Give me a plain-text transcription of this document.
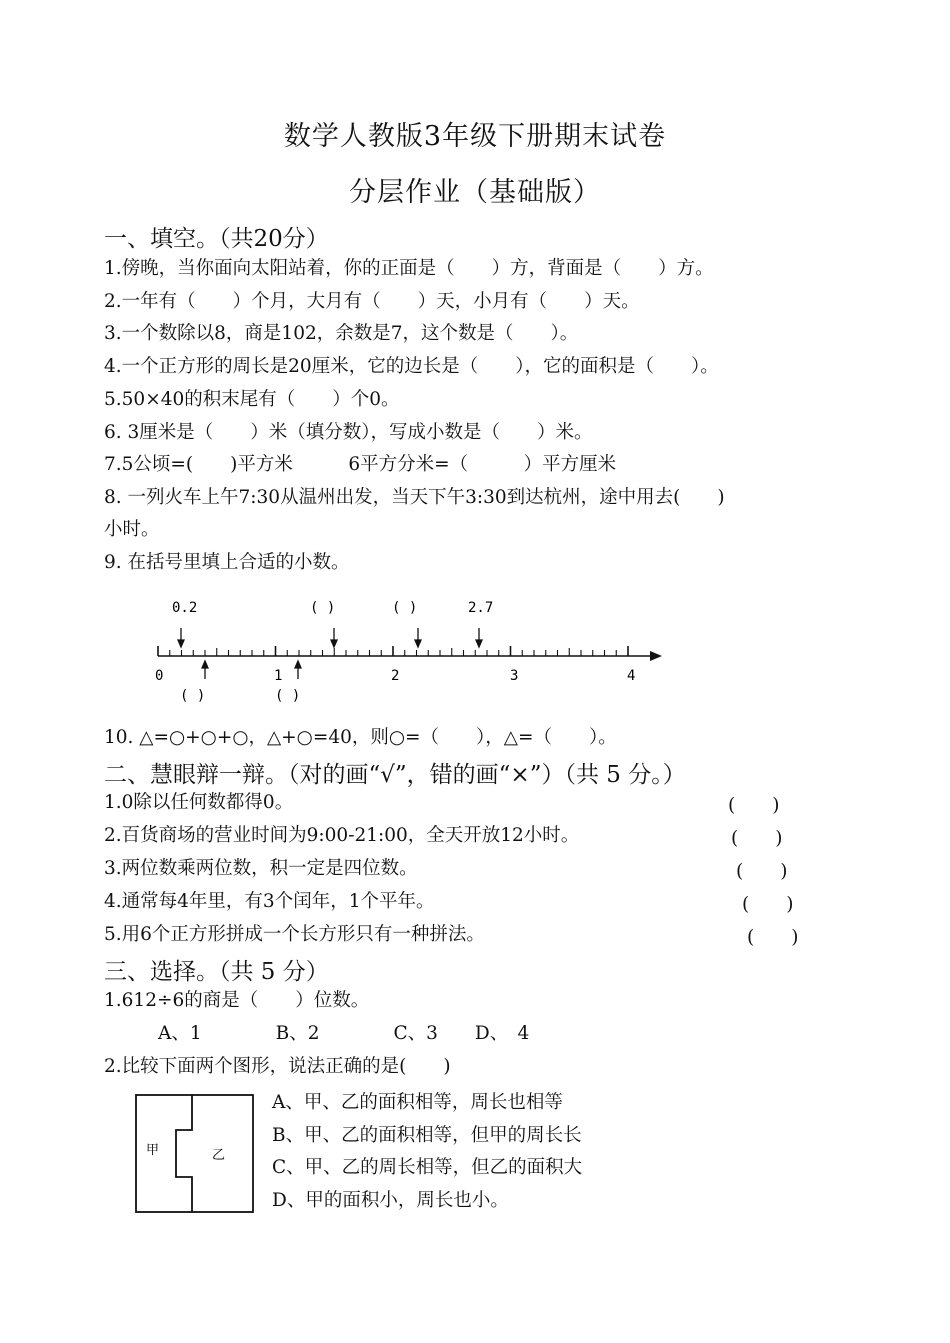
数学人教版3年级下册期末试卷
分层作业（基础版）
一、填空。（共20分）
1.傍晚，当你面向太阳站着，你的正面是（　　）方，背面是（　　）方。
2.一年有（　　）个月，大月有（　　）天，小月有（　　）天。
3.一个数除以8，商是102，余数是7，这个数是（　　）。
4.一个正方形的周长是20厘米，它的边长是（　　），它的面积是（　　）。
5.50×40的积末尾有（　　）个0。
6. 3厘米是（　　）米（填分数），写成小数是（　　）米。
7.5公顷=(　　)平方米　　　6平方分米=（　　　）平方厘米
8. 一列火车上午7:30从温州出发，当天下午3:30到达杭州，途中用去(　　)
小时。
9. 在括号里填上合适的小数。
0.2	( )	( )	2.7
0	1	2	3	4
( )	( )
10. △=○+○+○，△+○=40，则○=（　　），△=（　　）。
二、慧眼辩一辩。（对的画“√”，错的画“×”）（共 5 分。）
1.0除以任何数都得0。	(　　)
2.百货商场的营业时间为9:00-21:00，全天开放12小时。	(　　)
3.两位数乘两位数，积一定是四位数。	(　　)
4.通常每4年里，有3个闰年，1个平年。	(　　)
5.用6个正方形拼成一个长方形只有一种拼法。	(　　)
三、选择。（共 5 分）
1.612÷6的商是（　　）位数。
A、1　　　　B、2　　　　C、3　　D、　4
2.比较下面两个图形，说法正确的是(　　)
甲	乙
A、甲、乙的面积相等，周长也相等
B、甲、乙的面积相等，但甲的周长长
C、甲、乙的周长相等，但乙的面积大
D、甲的面积小，周长也小。
